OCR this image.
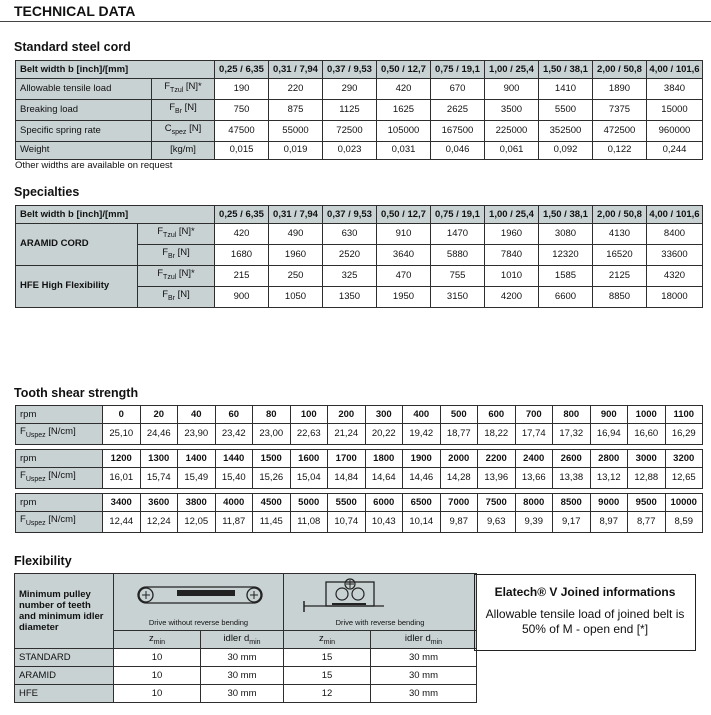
TECHNICAL DATA
Standard steel cord
Belt width b [inch]/[mm]		0,25 / 6,35	0,31 / 7,94	0,37 / 9,53	0,50 / 12,7	0,75 / 19,1	1,00 / 25,4	1,50 / 38,1	2,00 / 50,8	4,00 / 101,6
Allowable tensile load	$F_{Tzul}$ [N]*	190	220	290	420	670	900	1410	1890	3840
Breaking load	$F_{Br}$ [N]	750	875	1125	1625	2625	3500	5500	7375	15000
Specific spring rate	$C_{spez}$ [N]	47500	55000	72500	105000	167500	225000	352500	472500	960000
Weight	[kg/m]	0,015	0,019	0,023	0,031	0,046	0,061	0,092	0,122	0,244
Other widths are available on request
Specialties
Belt width b [inch]/[mm]		0,25 / 6,35	0,31 / 7,94	0,37 / 9,53	0,50 / 12,7	0,75 / 19,1	1,00 / 25,4	1,50 / 38,1	2,00 / 50,8	4,00 / 101,6
ARAMID CORD	$F_{Tzul}$ [N]*	420	490	630	910	1470	1960	3080	4130	8400
	$F_{Br}$ [N]	1680	1960	2520	3640	5880	7840	12320	16520	33600
HFE High Flexibility	$F_{Tzul}$ [N]*	215	250	325	470	755	1010	1585	2125	4320
	$F_{Br}$ [N]	900	1050	1350	1950	3150	4200	6600	8850	18000
Tooth shear strength
rpm	0	20	40	60	80	100	200	300	400	500	600	700	800	900	1000	1100
$F_{Uspez}$ [N/cm]	25,10	24,46	23,90	23,42	23,00	22,63	21,24	20,22	19,42	18,77	18,22	17,74	17,32	16,94	16,60	16,29
rpm	1200	1300	1400	1440	1500	1600	1700	1800	1900	2000	2200	2400	2600	2800	3000	3200
$F_{Uspez}$ [N/cm]	16,01	15,74	15,49	15,40	15,26	15,04	14,84	14,64	14,46	14,28	13,96	13,66	13,38	13,12	12,88	12,65
rpm	3400	3600	3800	4000	4500	5000	5500	6000	6500	7000	7500	8000	8500	9000	9500	10000
$F_{Uspez}$ [N/cm]	12,44	12,24	12,05	11,87	11,45	11,08	10,74	10,43	10,14	9,87	9,63	9,39	9,17	8,97	8,77	8,59
Flexibility
Minimum pulley number of teeth and minimum idler diameter	Drive without reverse bending		Drive with reverse bending	

	$z_{min}$	idler $d_{min}$	$z_{min}$	idler $d_{min}$
STANDARD	10	30 mm	15	30 mm
ARAMID	10	30 mm	15	30 mm
HFE	10	30 mm	12	30 mm
Elatech® V Joined informations
Allowable tensile load of joined belt is 50% of M - open end [*]
